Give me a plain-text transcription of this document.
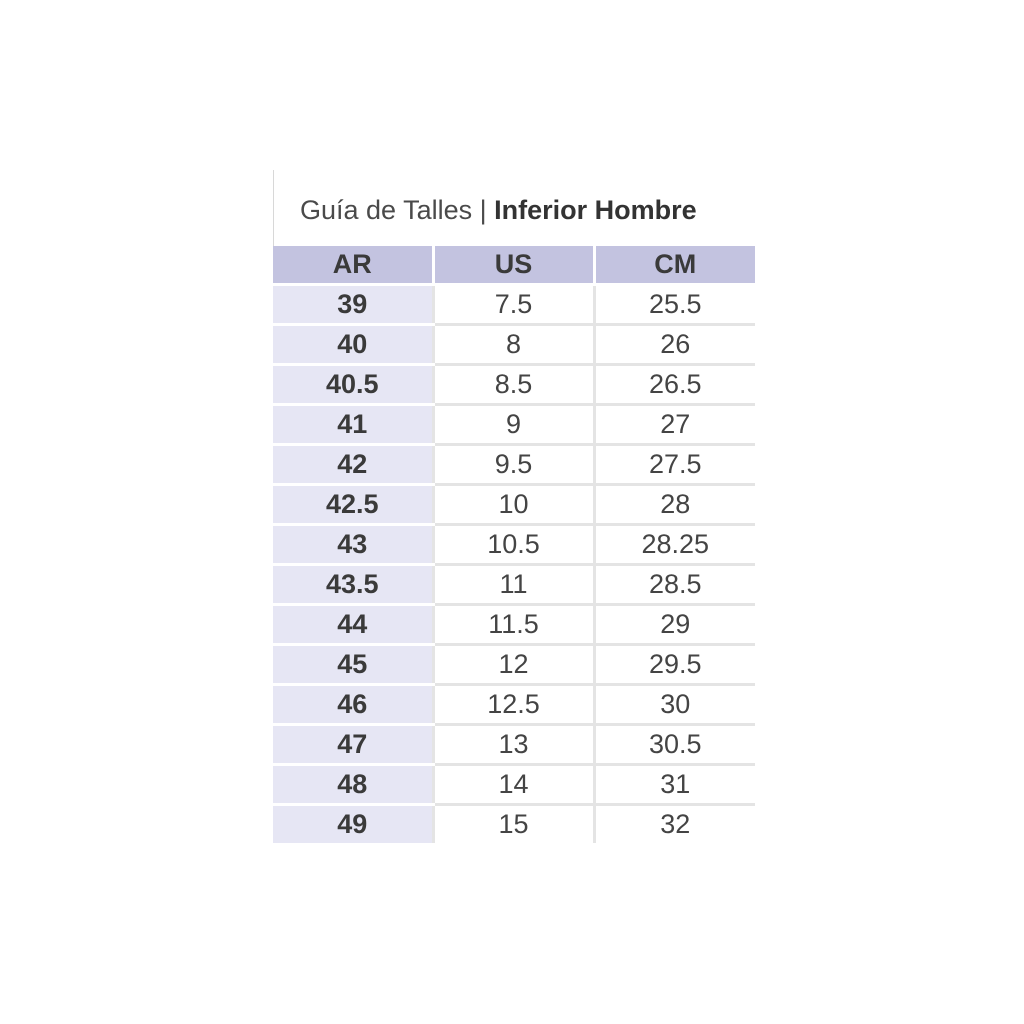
Guía de Talles | Inferior Hombre
AR	US	CM
39	7.5	25.5
40	8	26
40.5	8.5	26.5
41	9	27
42	9.5	27.5
42.5	10	28
43	10.5	28.25
43.5	11	28.5
44	11.5	29
45	12	29.5
46	12.5	30
47	13	30.5
48	14	31
49	15	32
